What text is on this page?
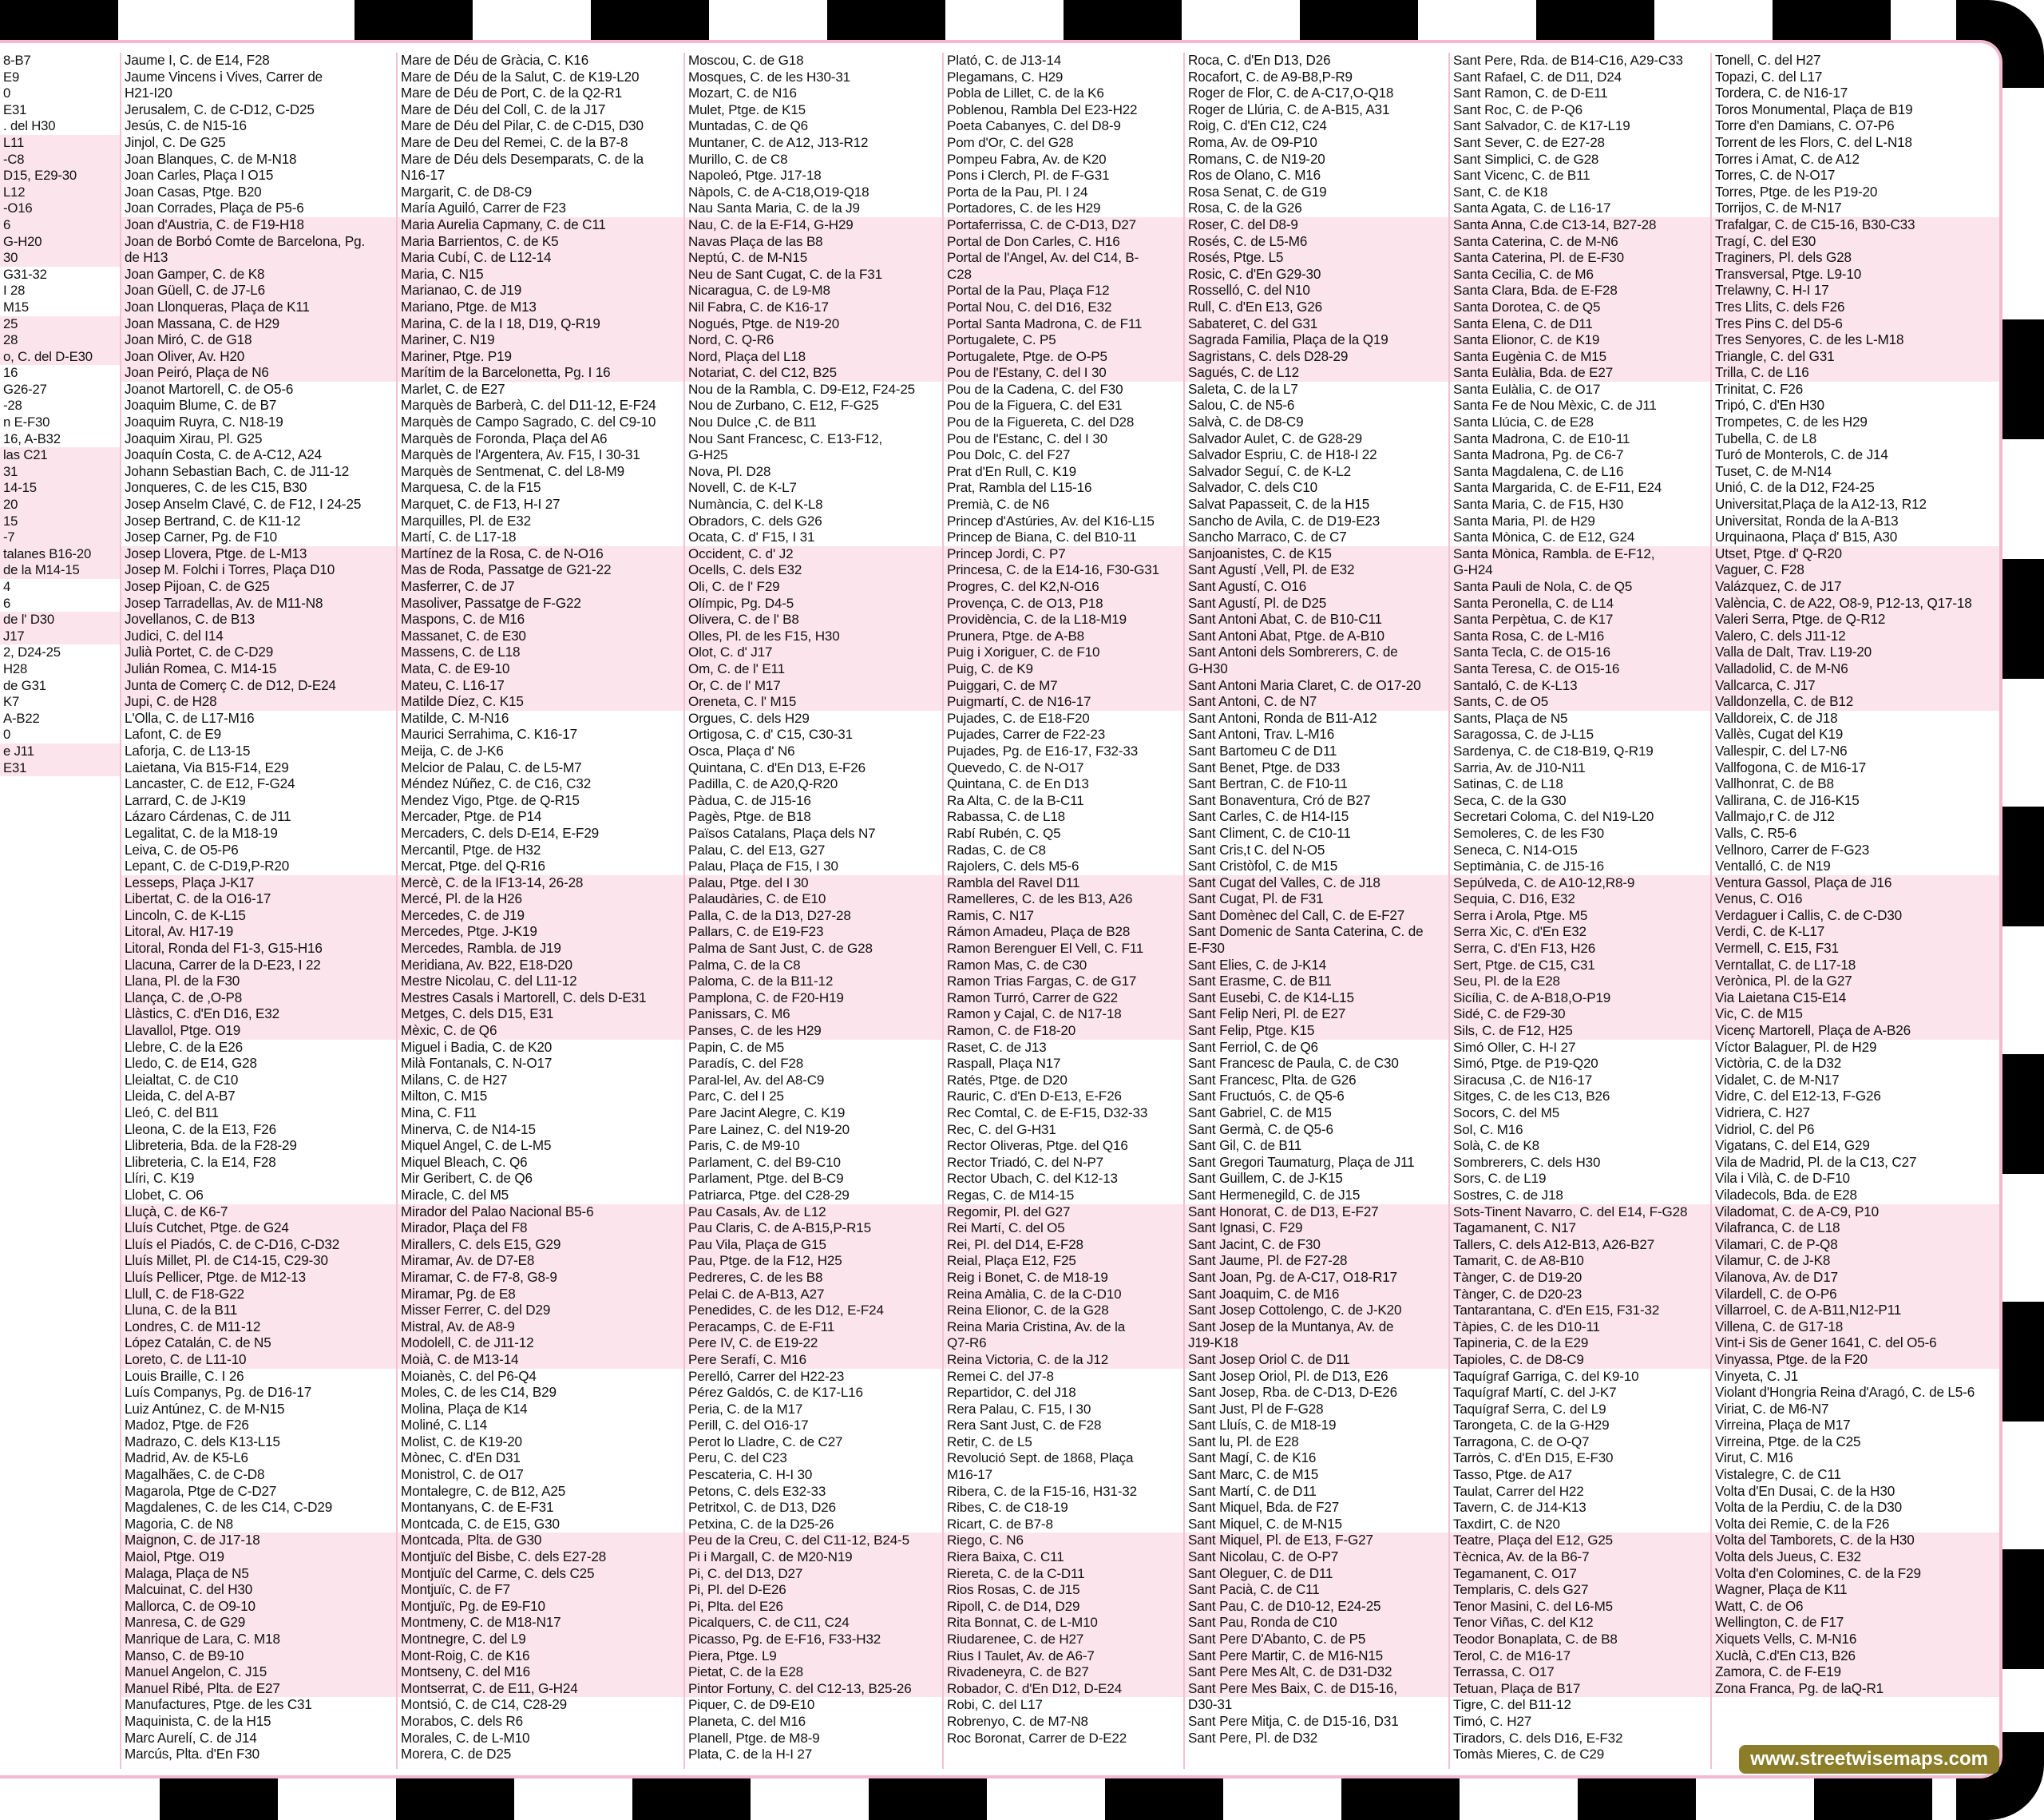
8-B7
E9
0
E31
. del H30
L11
-C8
D15, E29-30
L12
-O16
6
G-H20
30
G31-32
I 28
M15
25
28
o, C. del D-E30
16
G26-27
-28
n E-F30
16, A-B32
las C21
31
14-15
20
15
-7
talanes B16-20
de la M14-15
4
6
de l' D30
J17
2, D24-25
H28
de G31
K7
A-B22
0
e J11
E31
Jaume I, C. de E14, F28
Jaume Vincens i Vives, Carrer de
H21-I20
Jerusalem, C. de C-D12, C-D25
Jesús, C. de N15-16
Jinjol, C. De G25
Joan Blanques, C. de M-N18
Joan Carles, Plaça I O15
Joan Casas, Ptge. B20
Joan Corrades, Plaça de P5-6
Joan d'Austria, C. de F19-H18
Joan de Borbó Comte de Barcelona, Pg.
de H13
Joan Gamper, C. de K8
Joan Güell, C. de J7-L6
Joan Llonqueras, Plaça de K11
Joan Massana, C. de H29
Joan Miró, C. de G18
Joan Oliver, Av. H20
Joan Peiró, Plaça de N6
Joanot Martorell, C. de O5-6
Joaquim Blume, C. de B7
Joaquim Ruyra, C. N18-19
Joaquim Xirau, Pl. G25
Joaquín Costa, C. de A-C12, A24
Johann Sebastian Bach, C. de J11-12
Jonqueres, C. de les C15, B30
Josep Anselm Clavé, C. de F12, I 24-25
Josep Bertrand, C. de K11-12
Josep Carner, Pg. de F10
Josep Llovera, Ptge. de L-M13
Josep M. Folchi i Torres, Plaça D10
Josep Pijoan, C. de G25
Josep Tarradellas, Av. de M11-N8
Jovellanos, C. de B13
Judici, C. del I14
Julià Portet, C. de C-D29
Julián Romea, C. M14-15
Junta de Comerç C. de D12, D-E24
Jupi, C. de H28
L'Olla, C. de L17-M16
Lafont, C. de E9
Laforja, C. de L13-15
Laietana, Via B15-F14, E29
Lancaster, C. de E12, F-G24
Larrard, C. de J-K19
Lázaro Cárdenas, C. de J11
Legalitat, C. de la M18-19
Leiva, C. de O5-P6
Lepant, C. de C-D19,P-R20
Lesseps, Plaça J-K17
Libertat, C. de la O16-17
Lincoln, C. de K-L15
Litoral, Av. H17-19
Litoral, Ronda del F1-3, G15-H16
Llacuna, Carrer de la D-E23, I 22
Llana, Pl. de la F30
Llança, C. de ,O-P8
Llàstics, C. d'En D16, E32
Llavallol, Ptge. O19
Llebre, C. de la E26
Lledo, C. de E14, G28
Lleialtat, C. de C10
Lleida, C. del A-B7
Lleó, C. del B11
Lleona, C. de la E13, F26
Llibreteria, Bda. de la F28-29
Llibreteria, C. la E14, F28
Llíri, C. K19
Llobet, C. O6
Lluçà, C. de K6-7
Lluís Cutchet, Ptge. de G24
Lluís el Piadós, C. de C-D16, C-D32
Lluís Millet, Pl. de C14-15, C29-30
Lluís Pellicer, Ptge. de M12-13
Llull, C. de F18-G22
Lluna, C. de la B11
Londres, C. de M11-12
López Catalán, C. de N5
Loreto, C. de L11-10
Louis Braille, C. I 26
Luís Companys, Pg. de D16-17
Luiz Antúnez, C. de M-N15
Madoz, Ptge. de F26
Madrazo, C. dels K13-L15
Madrid, Av. de K5-L6
Magalhães, C. de C-D8
Magarola, Ptge de C-D27
Magdalenes, C. de les C14, C-D29
Magoria, C. de N8
Maignon, C. de J17-18
Maiol, Ptge. O19
Malaga, Plaça de N5
Malcuinat, C. del H30
Mallorca, C. de O9-10
Manresa, C. de G29
Manrique de Lara, C. M18
Manso, C. de B9-10
Manuel Angelon, C. J15
Manuel Ribé, Plta. de E27
Manufactures, Ptge. de les C31
Maquinista, C. de la H15
Marc Aurelí, C. de J14
Marcús, Plta. d'En F30
Mare de Déu de Gràcia, C. K16
Mare de Déu de la Salut, C. de K19-L20
Mare de Déu de Port, C. de la Q2-R1
Mare de Déu del Coll, C. de la J17
Mare de Déu del Pilar, C. de C-D15, D30
Mare de Deu del Remei, C. de la B7-8
Mare de Déu dels Desemparats, C. de la
N16-17
Margarit, C. de D8-C9
María Aguiló, Carrer de F23
Maria Aurelia Capmany, C. de C11
Maria Barrientos, C. de K5
Maria Cubí, C. de L12-14
Maria, C. N15
Marianao, C. de J19
Mariano, Ptge. de M13
Marina, C. de la I 18, D19, Q-R19
Mariner, C. N19
Mariner, Ptge. P19
Marítim de la Barcelonetta, Pg. I 16
Marlet, C. de E27
Marquès de Barberà, C. del D11-12, E-F24
Marquès de Campo Sagrado, C. del C9-10
Marquès de Foronda, Plaça del A6
Marquès de l'Argentera, Av. F15, I 30-31
Marquès de Sentmenat, C. del L8-M9
Marquesa, C. de la F15
Marquet, C. de F13, H-I 27
Marquilles, Pl. de E32
Martí, C. de L17-18
Martínez de la Rosa, C. de N-O16
Mas de Roda, Passatge de G21-22
Masferrer, C. de J7
Masoliver, Passatge de F-G22
Maspons, C. de M16
Massanet, C. de E30
Massens, C. de L18
Mata, C. de E9-10
Mateu, C. L16-17
Matilde Díez, C. K15
Matilde, C. M-N16
Maurici Serrahima, C. K16-17
Meija, C. de J-K6
Melcior de Palau, C. de L5-M7
Méndez Núñez, C. de C16, C32
Mendez Vigo, Ptge. de Q-R15
Mercader, Ptge. de P14
Mercaders, C. dels D-E14, E-F29
Mercantil, Ptge. de H32
Mercat, Ptge. del Q-R16
Mercè, C. de la IF13-14, 26-28
Mercé, Pl. de la H26
Mercedes, C. de J19
Mercedes, Ptge. J-K19
Mercedes, Rambla. de J19
Meridiana, Av. B22, E18-D20
Mestre Nicolau, C. del L11-12
Mestres Casals i Martorell, C. dels D-E31
Metges, C. dels D15, E31
Mèxic, C. de Q6
Miguel i Badia, C. de K20
Milà Fontanals, C. N-O17
Milans, C. de H27
Milton, C. M15
Mina, C. F11
Minerva, C. de N14-15
Miquel Angel, C. de L-M5
Miquel Bleach, C. Q6
Mir Geribert, C. de Q6
Miracle, C. del M5
Mirador del Palao Nacional B5-6
Mirador, Plaça del F8
Mirallers, C. dels E15, G29
Miramar, Av. de D7-E8
Miramar, C. de F7-8, G8-9
Miramar, Pg. de E8
Misser Ferrer, C. del D29
Mistral, Av. de A8-9
Modolell, C. de J11-12
Moià, C. de M13-14
Moianès, C. del P6-Q4
Moles, C. de les C14, B29
Molina, Plaça de K14
Moliné, C. L14
Molist, C. de K19-20
Mònec, C. d'En D31
Monistrol, C. de O17
Montalegre, C. de B12, A25
Montanyans, C. de E-F31
Montcada, C. de E15, G30
Montcada, Plta. de G30
Montjuïc del Bisbe, C. dels E27-28
Montjuïc del Carme, C. dels C25
Montjuïc, C. de F7
Montjuïc, Pg. de E9-F10
Montmeny, C. de M18-N17
Montnegre, C. del L9
Mont-Roig, C. de K16
Montseny, C. del M16
Montserrat, C. de E11, G-H24
Montsió, C. de C14, C28-29
Morabos, C. dels R6
Morales, C. de L-M10
Morera, C. de D25
Moscou, C. de G18
Mosques, C. de les H30-31
Mozart, C. de N16
Mulet, Ptge. de K15
Muntadas, C. de Q6
Muntaner, C. de A12, J13-R12
Murillo, C. de C8
Napoleó, Ptge. J17-18
Nàpols, C. de A-C18,O19-Q18
Nau Santa Maria, C. de la J9
Nau, C. de la E-F14, G-H29
Navas Plaça de las B8
Neptú, C. de M-N15
Neu de Sant Cugat, C. de la F31
Nicaragua, C. de L9-M8
Nil Fabra, C. de K16-17
Nogués, Ptge. de N19-20
Nord, C. Q-R6
Nord, Plaça del L18
Notariat, C. del C12, B25
Nou de la Rambla, C. D9-E12, F24-25
Nou de Zurbano, C. E12, F-G25
Nou Dulce ,C. de B11
Nou Sant Francesc, C. E13-F12,
G-H25
Nova, Pl. D28
Novell, C. de K-L7
Numància, C. del K-L8
Obradors, C. dels G26
Ocata, C. d' F15, I 31
Occident, C. d' J2
Ocells, C. dels E32
Oli, C. de l' F29
Olímpic, Pg. D4-5
Olivera, C. de l' B8
Olles, Pl. de les F15, H30
Olot, C. d' J17
Om, C. de l' E11
Or, C. de l' M17
Oreneta, C. l' M15
Orgues, C. dels H29
Ortigosa, C. d' C15, C30-31
Osca, Plaça d' N6
Quintana, C. d'En D13, E-F26
Padilla, C. de A20,Q-R20
Pàdua, C. de J15-16
Pagès, Ptge. de B18
Països Catalans, Plaça dels N7
Palau, C. del E13, G27
Palau, Plaça de F15, I 30
Palau, Ptge. del I 30
Palaudàries, C. de E10
Palla, C. de la D13, D27-28
Pallars, C. de E19-F23
Palma de Sant Just, C. de G28
Palma, C. de la C8
Paloma, C. de la B11-12
Pamplona, C. de F20-H19
Panissars, C. M6
Panses, C. de les H29
Papin, C. de M5
Paradís, C. del F28
Paral-lel, Av. del A8-C9
Parc, C. del I 25
Pare Jacint Alegre, C. K19
Pare Lainez, C. del N19-20
Paris, C. de M9-10
Parlament, C. del B9-C10
Parlament, Ptge. del B-C9
Patriarca, Ptge. del C28-29
Pau Casals, Av. de L12
Pau Claris, C. de A-B15,P-R15
Pau Vila, Plaça de G15
Pau, Ptge. de la F12, H25
Pedreres, C. de les B8
Pelai C. de A-B13, A27
Penedides, C. de les D12, E-F24
Peracamps, C. de E-F11
Pere IV, C. de E19-22
Pere Serafí, C. M16
Perelló, Carrer del H22-23
Pérez Galdós, C. de K17-L16
Peria, C. de la M17
Perill, C. del O16-17
Perot lo Lladre, C. de C27
Peru, C. del C23
Pescateria, C. H-I 30
Petons, C. dels E32-33
Petritxol, C. de D13, D26
Petxina, C. de la D25-26
Peu de la Creu, C. del C11-12, B24-5
Pi i Margall, C. de M20-N19
Pi, C. del D13, D27
Pi, Pl. del D-E26
Pi, Plta. del E26
Picalquers, C. de C11, C24
Picasso, Pg. de E-F16, F33-H32
Piera, Ptge. L9
Pietat, C. de la E28
Pintor Fortuny, C. del C12-13, B25-26
Piquer, C. de D9-E10
Planeta, C. del M16
Planell, Ptge. de M8-9
Plata, C. de la H-I 27
Plató, C. de J13-14
Plegamans, C. H29
Pobla de Lillet, C. de la K6
Poblenou, Rambla Del E23-H22
Poeta Cabanyes, C. del D8-9
Pom d'Or, C. del G28
Pompeu Fabra, Av. de K20
Pons i Clerch, Pl. de F-G31
Porta de la Pau, Pl. I 24
Portadores, C. de les H29
Portaferrissa, C. de C-D13, D27
Portal de Don Carles, C. H16
Portal de l'Angel, Av. del C14, B-
C28
Portal de la Pau, Plaça F12
Portal Nou, C. del D16, E32
Portal Santa Madrona, C. de F11
Portugalete, C. P5
Portugalete, Ptge. de O-P5
Pou de l'Estany, C. del I 30
Pou de la Cadena, C. del F30
Pou de la Figuera, C. del E31
Pou de la Figuereta, C. del D28
Pou de l'Estanc, C. del I 30
Pou Dolc, C. del F27
Prat d'En Rull, C. K19
Prat, Rambla del L15-16
Premià, C. de N6
Princep d'Astúries, Av. del K16-L15
Princep de Biana, C. del B10-11
Princep Jordi, C. P7
Princesa, C. de la E14-16, F30-G31
Progres, C. del K2,N-O16
Provença, C. de O13, P18
Providència, C. de la L18-M19
Prunera, Ptge. de A-B8
Puig i Xoriguer, C. de F10
Puig, C. de K9
Puiggari, C. de M7
Puigmartí, C. de N16-17
Pujades, C. de E18-F20
Pujades, Carrer de F22-23
Pujades, Pg. de E16-17, F32-33
Quevedo, C. de N-O17
Quintana, C. de En D13
Ra Alta, C. de la B-C11
Rabassa, C. de L18
Rabí Rubén, C. Q5
Radas, C. de C8
Rajolers, C. dels M5-6
Rambla del Ravel D11
Ramelleres, C. de les B13, A26
Ramis, C. N17
Rámon Amadeu, Plaça de B28
Ramon Berenguer El Vell, C. F11
Ramon Mas, C. de C30
Ramon Trias Fargas, C. de G17
Ramon Turró, Carrer de G22
Ramon y Cajal, C. de N17-18
Ramon, C. de F18-20
Raset, C. de J13
Raspall, Plaça N17
Ratés, Ptge. de D20
Rauric, C. d'En D-E13, E-F26
Rec Comtal, C. de E-F15, D32-33
Rec, C. del G-H31
Rector Oliveras, Ptge. del Q16
Rector Triadó, C. del N-P7
Rector Ubach, C. del K12-13
Regas, C. de M14-15
Regomir, Pl. del G27
Rei Martí, C. del O5
Rei, Pl. del D14, E-F28
Reial, Plaça E12, F25
Reig i Bonet, C. de M18-19
Reina Amàlia, C. de la C-D10
Reina Elionor, C. de la G28
Reina Maria Cristina, Av. de la
Q7-R6
Reina Victoria, C. de la J12
Remei C. del J7-8
Repartidor, C. del J18
Rera Palau, C. F15, I 30
Rera Sant Just, C. de F28
Retir, C. de L5
Revolució Sept. de 1868, Plaça
M16-17
Ribera, C. de la F15-16, H31-32
Ribes, C. de C18-19
Ricart, C. de B7-8
Riego, C. N6
Riera Baixa, C. C11
Riereta, C. de la C-D11
Rios Rosas, C. de J15
Ripoll, C. de D14, D29
Rita Bonnat, C. de L-M10
Riudarenee, C. de H27
Rius I Taulet, Av. de A6-7
Rivadeneyra, C. de B27
Robador, C. d'En D12, D-E24
Robi, C. del L17
Robrenyo, C. de M7-N8
Roc Boronat, Carrer de D-E22
Roca, C. d'En D13, D26
Rocafort, C. de A9-B8,P-R9
Roger de Flor, C. de A-C17,O-Q18
Roger de Llúria, C. de A-B15, A31
Roig, C. d'En C12, C24
Roma, Av. de O9-P10
Romans, C. de N19-20
Ros de Olano, C. M16
Rosa Senat, C. de G19
Rosa, C. de la G26
Roser, C. del D8-9
Rosés, C. de L5-M6
Rosés, Ptge. L5
Rosic, C. d'En G29-30
Rosselló, C. del N10
Rull, C. d'En E13, G26
Sabateret, C. del G31
Sagrada Familia, Plaça de la Q19
Sagristans, C. dels D28-29
Sagués, C. de L12
Saleta, C. de la L7
Salou, C. de N5-6
Salvà, C. de D8-C9
Salvador Aulet, C. de G28-29
Salvador Espriu, C. de H18-I 22
Salvador Seguí, C. de K-L2
Salvador, C. dels C10
Salvat Papasseit, C. de la H15
Sancho de Avila, C. de D19-E23
Sancho Marraco, C. de C7
Sanjoanistes, C. de K15
Sant Agustí ,Vell, Pl. de E32
Sant Agustí, C. O16
Sant Agustí, Pl. de D25
Sant Antoni Abat, C. de B10-C11
Sant Antoni Abat, Ptge. de A-B10
Sant Antoni dels Sombrerers, C. de
G-H30
Sant Antoni Maria Claret, C. de O17-20
Sant Antoni, C. de N7
Sant Antoni, Ronda de B11-A12
Sant Antoni, Trav. L-M16
Sant Bartomeu C de D11
Sant Benet, Ptge. de D33
Sant Bertran, C. de F10-11
Sant Bonaventura, Cró de B27
Sant Carles, C. de H14-I15
Sant Climent, C. de C10-11
Sant Cris,t C. del N-O5
Sant Cristòfol, C. de M15
Sant Cugat del Valles, C. de J18
Sant Cugat, Pl. de F31
Sant Domènec del Call, C. de E-F27
Sant Domenic de Santa Caterina, C. de
E-F30
Sant Elies, C. de J-K14
Sant Erasme, C. de B11
Sant Eusebi, C. de K14-L15
Sant Felip Neri, Pl. de E27
Sant Felip, Ptge. K15
Sant Ferriol, C. de Q6
Sant Francesc de Paula, C. de C30
Sant Francesc, Plta. de G26
Sant Fructuós, C. de Q5-6
Sant Gabriel, C. de M15
Sant Germà, C. de Q5-6
Sant Gil, C. de B11
Sant Gregori Taumaturg, Plaça de J11
Sant Guillem, C. de J-K15
Sant Hermenegild, C. de J15
Sant Honorat, C. de D13, E-F27
Sant Ignasi, C. F29
Sant Jacint, C. de F30
Sant Jaume, Pl. de F27-28
Sant Joan, Pg. de A-C17, O18-R17
Sant Joaquim, C. de M16
Sant Josep Cottolengo, C. de J-K20
Sant Josep de la Muntanya, Av. de
J19-K18
Sant Josep Oriol C. de D11
Sant Josep Oriol, Pl. de D13, E26
Sant Josep, Rba. de C-D13, D-E26
Sant Just, Pl de F-G28
Sant Lluís, C. de M18-19
Sant lu, Pl. de E28
Sant Magí, C. de K16
Sant Marc, C. de M15
Sant Martí, C. de D11
Sant Miquel, Bda. de F27
Sant Miquel, C. de M-N15
Sant Miquel, Pl. de E13, F-G27
Sant Nicolau, C. de O-P7
Sant Oleguer, C. de D11
Sant Pacià, C. de C11
Sant Pau, C. de D10-12, E24-25
Sant Pau, Ronda de C10
Sant Pere D'Abanto, C. de P5
Sant Pere Martir, C. de M16-N15
Sant Pere Mes Alt, C. de D31-D32
Sant Pere Mes Baix, C. de D15-16,
D30-31
Sant Pere Mitja, C. de D15-16, D31
Sant Pere, Pl. de D32
Sant Pere, Rda. de B14-C16, A29-C33
Sant Rafael, C. de D11, D24
Sant Ramon, C. de D-E11
Sant Roc, C. de P-Q6
Sant Salvador, C. de K17-L19
Sant Sever, C. de E27-28
Sant Simplici, C. de G28
Sant Vicenc, C. de B11
Sant, C. de K18
Santa Agata, C. de L16-17
Santa Anna, C.de C13-14, B27-28
Santa Caterina, C. de M-N6
Santa Caterina, Pl. de E-F30
Santa Cecilia, C. de M6
Santa Clara, Bda. de E-F28
Santa Dorotea, C. de Q5
Santa Elena, C. de D11
Santa Elionor, C. de K19
Santa Eugènia C. de M15
Santa Eulàlia, Bda. de E27
Santa Eulàlia, C. de O17
Santa Fe de Nou Mèxic, C. de J11
Santa Llúcia, C. de E28
Santa Madrona, C. de E10-11
Santa Madrona, Pg. de C6-7
Santa Magdalena, C. de L16
Santa Margarida, C. de E-F11, E24
Santa Maria, C. de F15, H30
Santa Maria, Pl. de H29
Santa Mònica, C. de E12, G24
Santa Mònica, Rambla. de E-F12,
G-H24
Santa Pauli de Nola, C. de Q5
Santa Peronella, C. de L14
Santa Perpètua, C. de K17
Santa Rosa, C. de L-M16
Santa Tecla, C. de O15-16
Santa Teresa, C. de O15-16
Santaló, C. de K-L13
Sants, C. de O5
Sants, Plaça de N5
Saragossa, C. de J-L15
Sardenya, C. de C18-B19, Q-R19
Sarria, Av. de J10-N11
Satinas, C. de L18
Seca, C. de la G30
Secretari Coloma, C. del N19-L20
Semoleres, C. de les F30
Seneca, C. N14-O15
Septimània, C. de J15-16
Sepúlveda, C. de A10-12,R8-9
Sequia, C. D16, E32
Serra i Arola, Ptge. M5
Serra Xic, C. d'En E32
Serra, C. d'En F13, H26
Sert, Ptge. de C15, C31
Seu, Pl. de la E28
Sicília, C. de A-B18,O-P19
Sidé, C. de F29-30
Sils, C. de F12, H25
Simó Oller, C. H-I 27
Simó, Ptge. de P19-Q20
Siracusa ,C. de N16-17
Sitges, C. de les C13, B26
Socors, C. del M5
Sol, C. M16
Solà, C. de K8
Sombrerers, C. dels H30
Sors, C. de L19
Sostres, C. de J18
Sots-Tinent Navarro, C. del E14, F-G28
Tagamanent, C. N17
Tallers, C. dels A12-B13, A26-B27
Tamarit, C. de A8-B10
Tànger, C. de D19-20
Tànger, C. de D20-23
Tantarantana, C. d'En E15, F31-32
Tàpies, C. de les D10-11
Tapineria, C. de la E29
Tapioles, C. de D8-C9
Taquígraf Garriga, C. del K9-10
Taquígraf Martí, C. del J-K7
Taquígraf Serra, C. del L9
Tarongeta, C. de la G-H29
Tarragona, C. de O-Q7
Tarròs, C. d'En D15, E-F30
Tasso, Ptge. de A17
Taulat, Carrer del H22
Tavern, C. de J14-K13
Taxdirt, C. de N20
Teatre, Plaça del E12, G25
Tècnica, Av. de la B6-7
Tegamanent, C. O17
Templaris, C. dels G27
Tenor Masini, C. del L6-M5
Tenor Viñas, C. del K12
Teodor Bonaplata, C. de B8
Terol, C. de M16-17
Terrassa, C. O17
Tetuan, Plaça de B17
Tigre, C. del B11-12
Timó, C. H27
Tiradors, C. dels D16, E-F32
Tomàs Mieres, C. de C29
Tonell, C. del H27
Topazi, C. del L17
Tordera, C. de N16-17
Toros Monumental, Plaça de B19
Torre d'en Damians, C. O7-P6
Torrent de les Flors, C. del L-N18
Torres i Amat, C. de A12
Torres, C. de N-O17
Torres, Ptge. de les P19-20
Torrijos, C. de M-N17
Trafalgar, C. de C15-16, B30-C33
Tragí, C. del E30
Traginers, Pl. dels G28
Transversal, Ptge. L9-10
Trelawny, C. H-I 17
Tres Llits, C. dels F26
Tres Pins C. del D5-6
Tres Senyores, C. de les L-M18
Triangle, C. del G31
Trilla, C. de L16
Trinitat, C. F26
Tripó, C. d'En H30
Trompetes, C. de les H29
Tubella, C. de L8
Turó de Monterols, C. de J14
Tuset, C. de M-N14
Unió, C. de la D12, F24-25
Universitat,Plaça de la A12-13, R12
Universitat, Ronda de la A-B13
Urquinaona, Plaça d' B15, A30
Utset, Ptge. d' Q-R20
Vaguer, C. F28
Valázquez, C. de J17
València, C. de A22, O8-9, P12-13, Q17-18
Valeri Serra, Ptge. de Q-R12
Valero, C. dels J11-12
Valla de Dalt, Trav. L19-20
Valladolid, C. de M-N6
Vallcarca, C. J17
Valldonzella, C. de B12
Valldoreix, C. de J18
Vallès, Cugat del K19
Vallespir, C. del L7-N6
Vallfogona, C. de M16-17
Vallhonrat, C. de B8
Vallirana, C. de J16-K15
Vallmajo,r C. de J12
Valls, C. R5-6
Vellnoro, Carrer de F-G23
Ventalló, C. de N19
Ventura Gassol, Plaça de J16
Venus, C. O16
Verdaguer i Callis, C. de C-D30
Verdi, C. de K-L17
Vermell, C. E15, F31
Verntallat, C. de L17-18
Verònica, Pl. de la G27
Via Laietana C15-E14
Vic, C. de M15
Vicenç Martorell, Plaça de A-B26
Víctor Balaguer, Pl. de H29
Victòria, C. de la D32
Vidalet, C. de M-N17
Vidre, C. del E12-13, F-G26
Vidriera, C. H27
Vidriol, C. del P6
Vigatans, C. del E14, G29
Vila de Madrid, Pl. de la C13, C27
Vila i Vilà, C. de D-F10
Viladecols, Bda. de E28
Viladomat, C. de A-C9, P10
Vilafranca, C. de L18
Vilamari, C. de P-Q8
Vilamur, C. de J-K8
Vilanova, Av. de D17
Vilardell, C. de O-P6
Villarroel, C. de A-B11,N12-P11
Villena, C. de G17-18
Vint-i Sis de Gener 1641, C. del O5-6
Vinyassa, Ptge. de la F20
Vinyeta, C. J1
Violant d'Hongria Reina d'Aragó, C. de L5-6
Viriat, C. de M6-N7
Virreina, Plaça de M17
Virreina, Ptge. de la C25
Virut, C. M16
Vistalegre, C. de C11
Volta d'En Dusai, C. de la H30
Volta de la Perdiu, C. de la D30
Volta dei Remie, C. de la F26
Volta del Tamborets, C. de la H30
Volta dels Jueus, C. E32
Volta d'en Colomines, C. de la F29
Wagner, Plaça de K11
Watt, C. de O6
Wellington, C. de F17
Xiquets Vells, C. M-N16
Xuclà, C.d'En C13, B26
Zamora, C. de F-E19
Zona Franca, Pg. de laQ-R1
www.streetwisemaps.com
